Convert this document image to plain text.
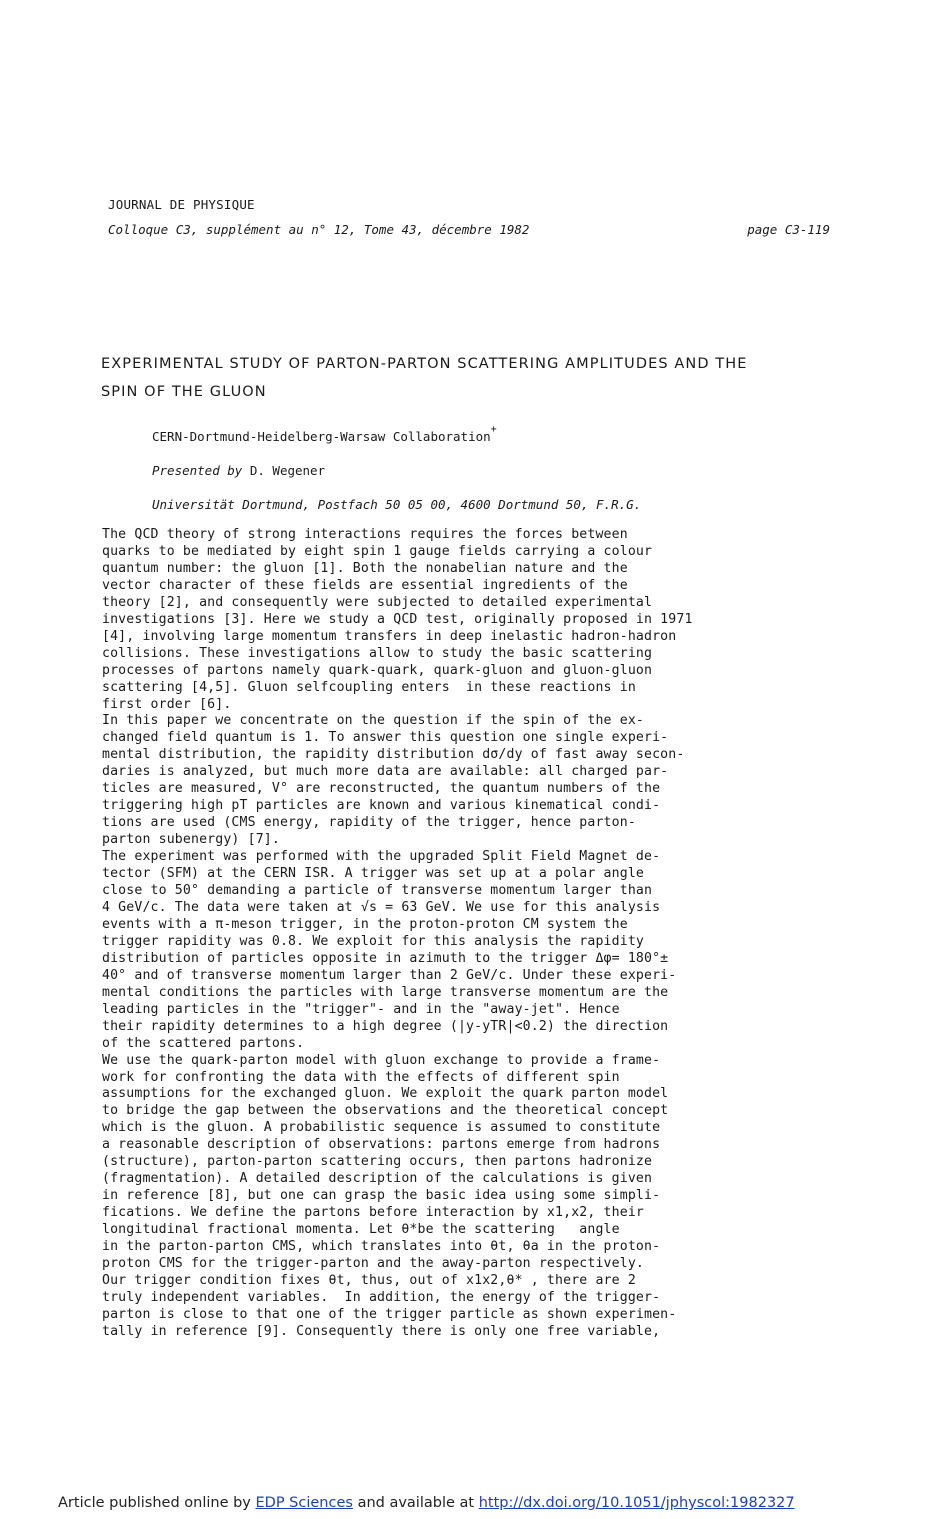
JOURNAL DE PHYSIQUE
Colloque C3, supplément au n° 12, Tome 43, décembre 1982	page C3-119
EXPERIMENTAL STUDY OF PARTON-PARTON SCATTERING AMPLITUDES AND THE
SPIN OF THE GLUON
CERN-Dortmund-Heidelberg-Warsaw Collaboration+
Presented by D. Wegener
Universität Dortmund, Postfach 50 05 00, 4600 Dortmund 50, F.R.G.
The QCD theory of strong interactions requires the forces between
quarks to be mediated by eight spin 1 gauge fields carrying a colour
quantum number: the gluon [1]. Both the nonabelian nature and the
vector character of these fields are essential ingredients of the
theory [2], and consequently were subjected to detailed experimental
investigations [3]. Here we study a QCD test, originally proposed in 1971
[4], involving large momentum transfers in deep inelastic hadron-hadron
collisions. These investigations allow to study the basic scattering
processes of partons namely quark-quark, quark-gluon and gluon-gluon
scattering [4,5]. Gluon selfcoupling enters  in these reactions in
first order [6].
In this paper we concentrate on the question if the spin of the ex-
changed field quantum is 1. To answer this question one single experi-
mental distribution, the rapidity distribution dσ/dy of fast away secon-
daries is analyzed, but much more data are available: all charged par-
ticles are measured, V° are reconstructed, the quantum numbers of the
triggering high pT particles are known and various kinematical condi-
tions are used (CMS energy, rapidity of the trigger, hence parton-
parton subenergy) [7].
The experiment was performed with the upgraded Split Field Magnet de-
tector (SFM) at the CERN ISR. A trigger was set up at a polar angle
close to 50° demanding a particle of transverse momentum larger than
4 GeV/c. The data were taken at √s = 63 GeV. We use for this analysis
events with a π-meson trigger, in the proton-proton CM system the
trigger rapidity was 0.8. We exploit for this analysis the rapidity
distribution of particles opposite in azimuth to the trigger Δφ= 180°±
40° and of transverse momentum larger than 2 GeV/c. Under these experi-
mental conditions the particles with large transverse momentum are the
leading particles in the "trigger"- and in the "away-jet". Hence
their rapidity determines to a high degree (|y-yTR|<0.2) the direction
of the scattered partons.
We use the quark-parton model with gluon exchange to provide a frame-
work for confronting the data with the effects of different spin
assumptions for the exchanged gluon. We exploit the quark parton model
to bridge the gap between the observations and the theoretical concept
which is the gluon. A probabilistic sequence is assumed to constitute
a reasonable description of observations: partons emerge from hadrons
(structure), parton-parton scattering occurs, then partons hadronize
(fragmentation). A detailed description of the calculations is given
in reference [8], but one can grasp the basic idea using some simpli-
fications. We define the partons before interaction by x1,x2, their
longitudinal fractional momenta. Let θ*be the scattering   angle
in the parton-parton CMS, which translates into θt, θa in the proton-
proton CMS for the trigger-parton and the away-parton respectively.
Our trigger condition fixes θt, thus, out of x1x2,θ* , there are 2
truly independent variables.  In addition, the energy of the trigger-
parton is close to that one of the trigger particle as shown experimen-
tally in reference [9]. Consequently there is only one free variable,
Article published online by EDP Sciences and available at http://dx.doi.org/10.1051/jphyscol:1982327
